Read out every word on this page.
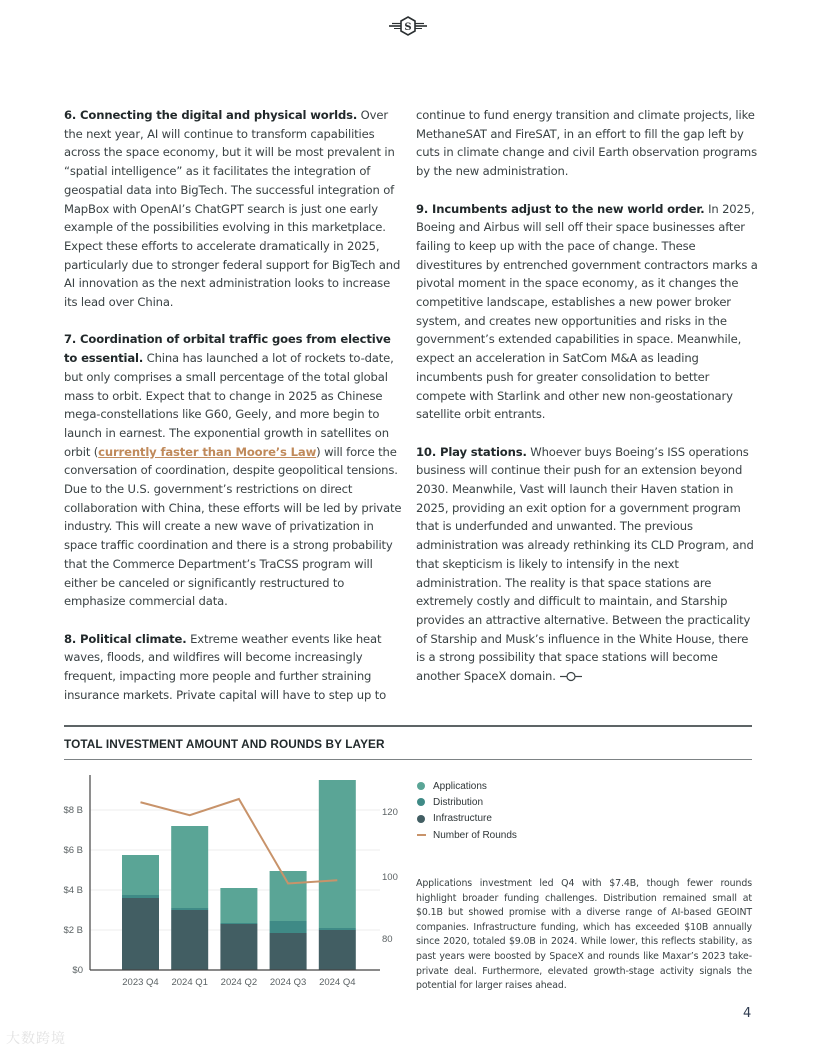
S

6. Connecting the digital and physical worlds. Over the next year, AI will continue to transform capabilities across the space economy, but it will be most prevalent in “spatial intelligence” as it facilitates the integration of geospatial data into BigTech. The successful integration of MapBox with OpenAI’s ChatGPT search is just one early example of the possibilities evolving in this marketplace. Expect these efforts to accelerate dramatically in 2025, particularly due to stronger federal support for BigTech and AI innovation as the next administration looks to increase its lead over China.

7. Coordination of orbital traffic goes from elective to essential. China has launched a lot of rockets to-date, but only comprises a small percentage of the total global mass to orbit. Expect that to change in 2025 as Chinese mega-constellations like G60, Geely, and more begin to launch in earnest. The exponential growth in satellites on orbit (currently faster than Moore’s Law) will force the conversation of coordination, despite geopolitical tensions. Due to the U.S. government’s restrictions on direct collaboration with China, these efforts will be led by private industry. This will create a new wave of privatization in space traffic coordination and there is a strong probability that the Commerce Department’s TraCSS program will either be canceled or significantly restructured to emphasize commercial data.

8. Political climate. Extreme weather events like heat waves, floods, and wildfires will become increasingly frequent, impacting more people and further straining insurance markets. Private capital will have to step up to

continue to fund energy transition and climate projects, like MethaneSAT and FireSAT, in an effort to fill the gap left by cuts in climate change and civil Earth observation programs by the new administration.

9. Incumbents adjust to the new world order. In 2025, Boeing and Airbus will sell off their space businesses after failing to keep up with the pace of change. These divestitures by entrenched government contractors marks a pivotal moment in the space economy, as it changes the competitive landscape, establishes a new power broker system, and creates new opportunities and risks in the government’s extended capabilities in space. Meanwhile, expect an acceleration in SatCom M&A as leading incumbents push for greater consolidation to better compete with Starlink and other new non-geostationary satellite orbit entrants.

10. Play stations. Whoever buys Boeing’s ISS operations business will continue their push for an extension beyond 2030. Meanwhile, Vast will launch their Haven station in 2025, providing an exit option for a government program that is underfunded and unwanted. The previous administration was already rethinking its CLD Program, and that skepticism is likely to intensify in the next administration. The reality is that space stations are extremely costly and difficult to maintain, and Starship provides an attractive alternative. Between the practicality of Starship and Musk’s influence in the White House, there is a strong possibility that space stations will become another SpaceX domain.

TOTAL INVESTMENT AMOUNT AND ROUNDS BY LAYER
$0
$2 B
$4 B
$6 B
$8 B
80
100
120
2023 Q4 2024 Q1 2024 Q2 2024 Q3 2024 Q4
Applications
Distribution
Infrastructure
Number of Rounds
Applications investment led Q4 with $7.4B, though fewer rounds highlight broader funding challenges. Distribution remained small at $0.1B but showed promise with a diverse range of AI-based GEOINT companies. Infrastructure funding, which has exceeded $10B annually since 2020, totaled $9.0B in 2024. While lower, this reflects stability, as past years were boosted by SpaceX and rounds like Maxar’s 2023 take-private deal. Furthermore, elevated growth-stage activity signals the potential for larger raises ahead.
4
大数跨境
